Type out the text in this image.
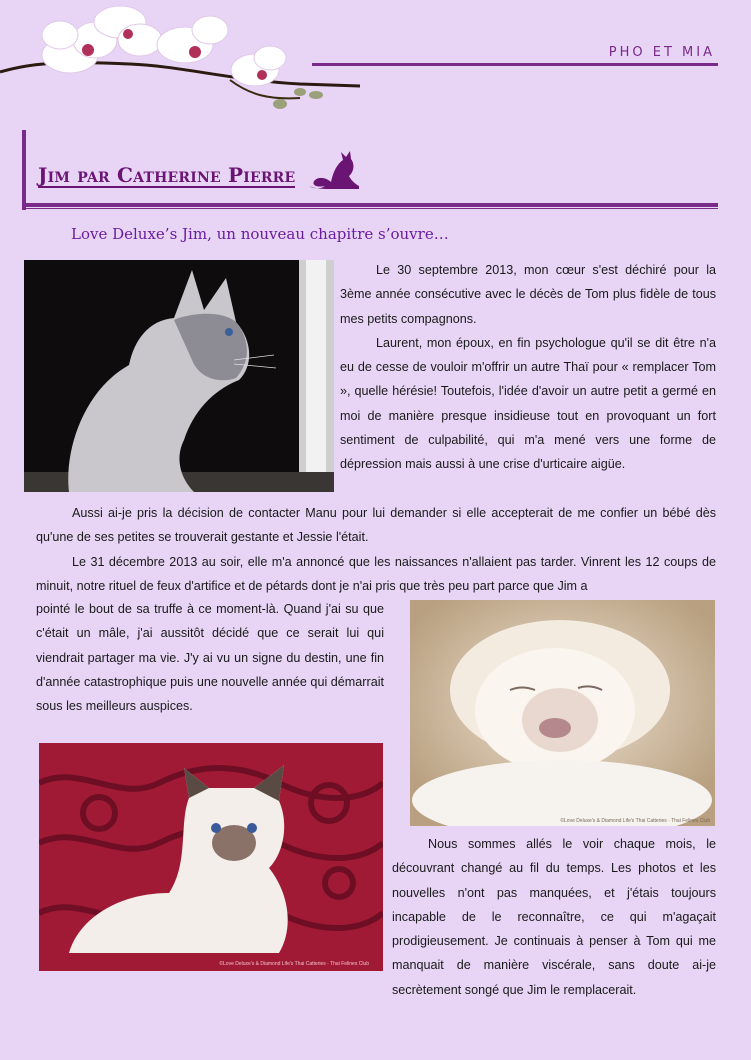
PHO ET MIA
Jim par Catherine Pierre
Love Deluxe’s Jim, un nouveau chapitre s’ouvre…

Le 30 septembre 2013, mon cœur s'est déchiré pour la 3ème année consécutive avec le décès de Tom plus fidèle de tous mes petits compagnons.

Laurent, mon époux, en fin psychologue qu'il se dit être n'a eu de cesse de vouloir m'offrir un autre Thaï pour « remplacer Tom », quelle hérésie! Toutefois, l'idée d'avoir un autre petit a germé en moi de manière presque insidieuse tout en provoquant un fort sentiment de culpabilité, qui m'a mené vers une forme de dépression mais aussi à une crise d'urticaire aigüe.

Aussi ai-je pris la décision de contacter Manu pour lui demander si elle accepterait de me confier un bébé dès qu'une de ses petites se trouverait gestante et Jessie l'était.

Le 31 décembre 2013 au soir, elle m'a annoncé que les naissances n'allaient pas tarder. Vinrent les 12 coups de minuit, notre rituel de feux d'artifice et de pétards dont je n'ai pris que très peu part parce que Jim a

pointé le bout de sa truffe à ce moment-là. Quand j'ai su que c'était un mâle, j'ai aussitôt décidé que ce serait lui qui viendrait partager ma vie. J'y ai vu un signe du destin, une fin d'année catastrophique puis une nouvelle année qui démarrait sous les meilleurs auspices.

©Love Deluxe's & Diamond Life's Thai Catteries · Thai Felines Club
©Love Deluxe's & Diamond Life's Thai Catteries · Thai Felines Club

Nous sommes allés le voir chaque mois, le découvrant changé au fil du temps. Les photos et les nouvelles n'ont pas manquées, et j'étais toujours incapable de le reconnaître, ce qui m'agaçait prodigieusement. Je continuais à penser à Tom qui me manquait de manière viscérale, sans doute ai-je secrètement songé que Jim le remplacerait.
